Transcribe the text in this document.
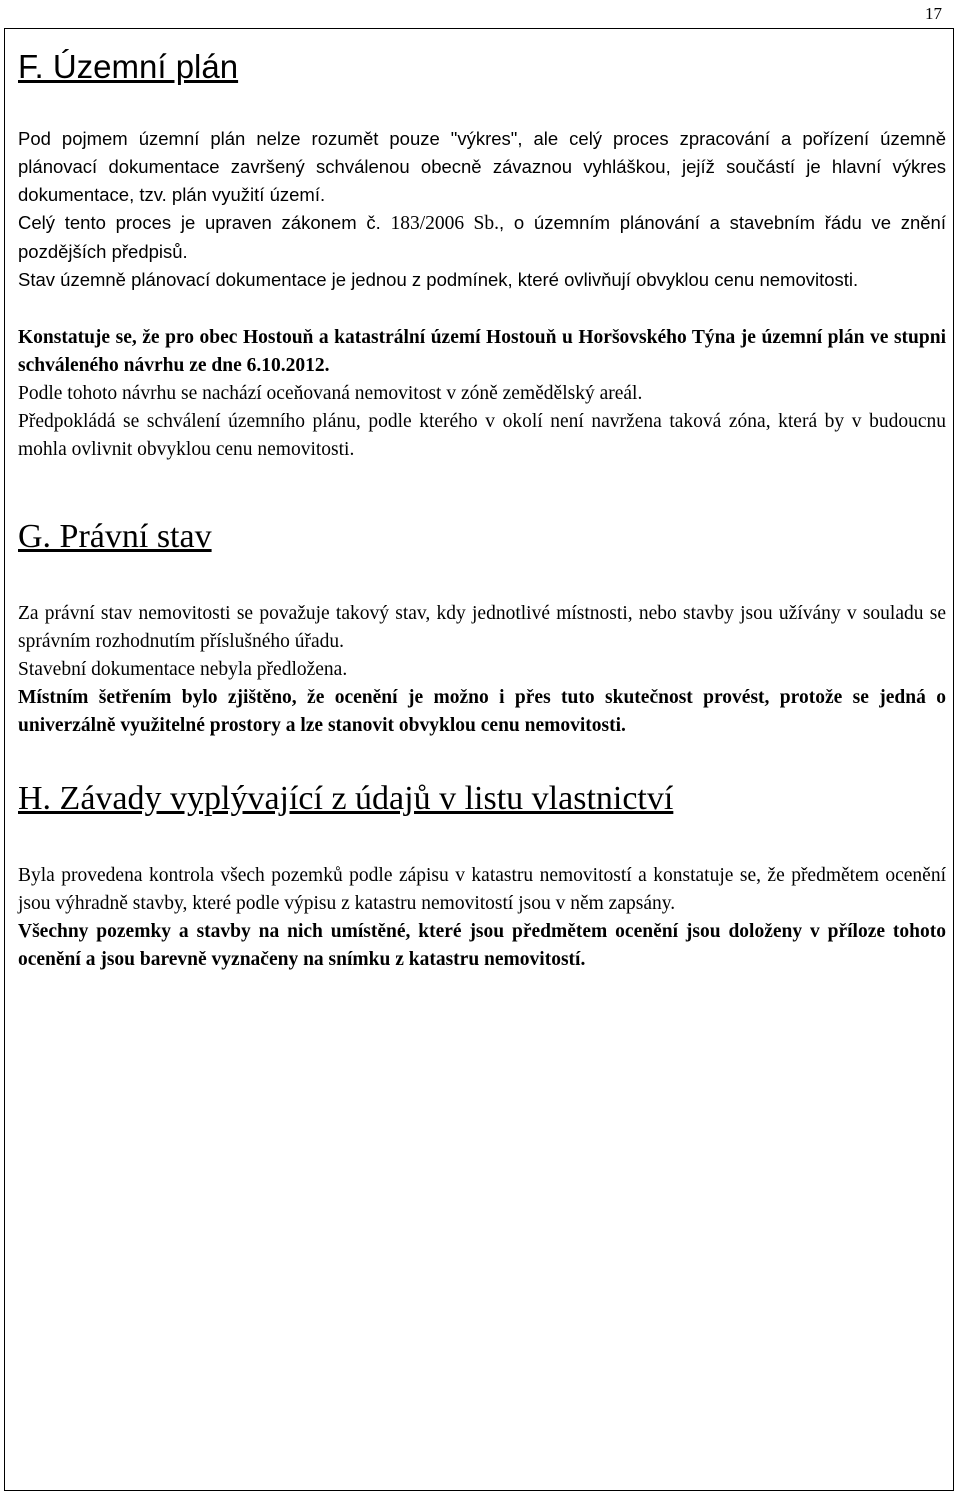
17
F. Územní plán

Pod pojmem územní plán nelze rozumět pouze "výkres", ale celý proces zpracování a pořízení územně plánovací dokumentace završený schválenou obecně závaznou vyhláškou, jejíž součástí je hlavní výkres dokumentace, tzv. plán využití území.

Celý tento proces je upraven zákonem č. 183/2006 Sb., o územním plánování a stavebním řádu ve znění pozdějších předpisů.

Stav územně plánovací dokumentace je jednou z podmínek, které ovlivňují obvyklou cenu nemovitosti.

Konstatuje se, že pro obec Hostouň a katastrální území Hostouň u Horšovského Týna je územní plán ve stupni schváleného návrhu ze dne 6.10.2012.

Podle tohoto návrhu se nachází oceňovaná nemovitost v zóně zemědělský areál.

Předpokládá se schválení územního plánu, podle kterého v okolí není navržena taková zóna, která by v budoucnu mohla ovlivnit obvyklou cenu nemovitosti.

G. Právní stav

Za právní stav nemovitosti se považuje takový stav, kdy jednotlivé místnosti, nebo stavby jsou užívány v souladu se správním rozhodnutím příslušného úřadu.

Stavební dokumentace nebyla předložena.

Místním šetřením bylo zjištěno, že ocenění je možno i přes tuto skutečnost provést, protože se jedná o univerzálně využitelné prostory a lze stanovit obvyklou cenu nemovitosti.

H. Závady vyplývající z údajů v listu vlastnictví

Byla provedena kontrola všech pozemků podle zápisu v katastru nemovitostí a konstatuje se, že předmětem ocenění jsou výhradně stavby, které podle výpisu z katastru nemovitostí jsou v něm zapsány.

Všechny pozemky a stavby na nich umístěné, které jsou předmětem ocenění jsou doloženy v příloze tohoto ocenění a jsou barevně vyznačeny na snímku z katastru nemovitostí.
